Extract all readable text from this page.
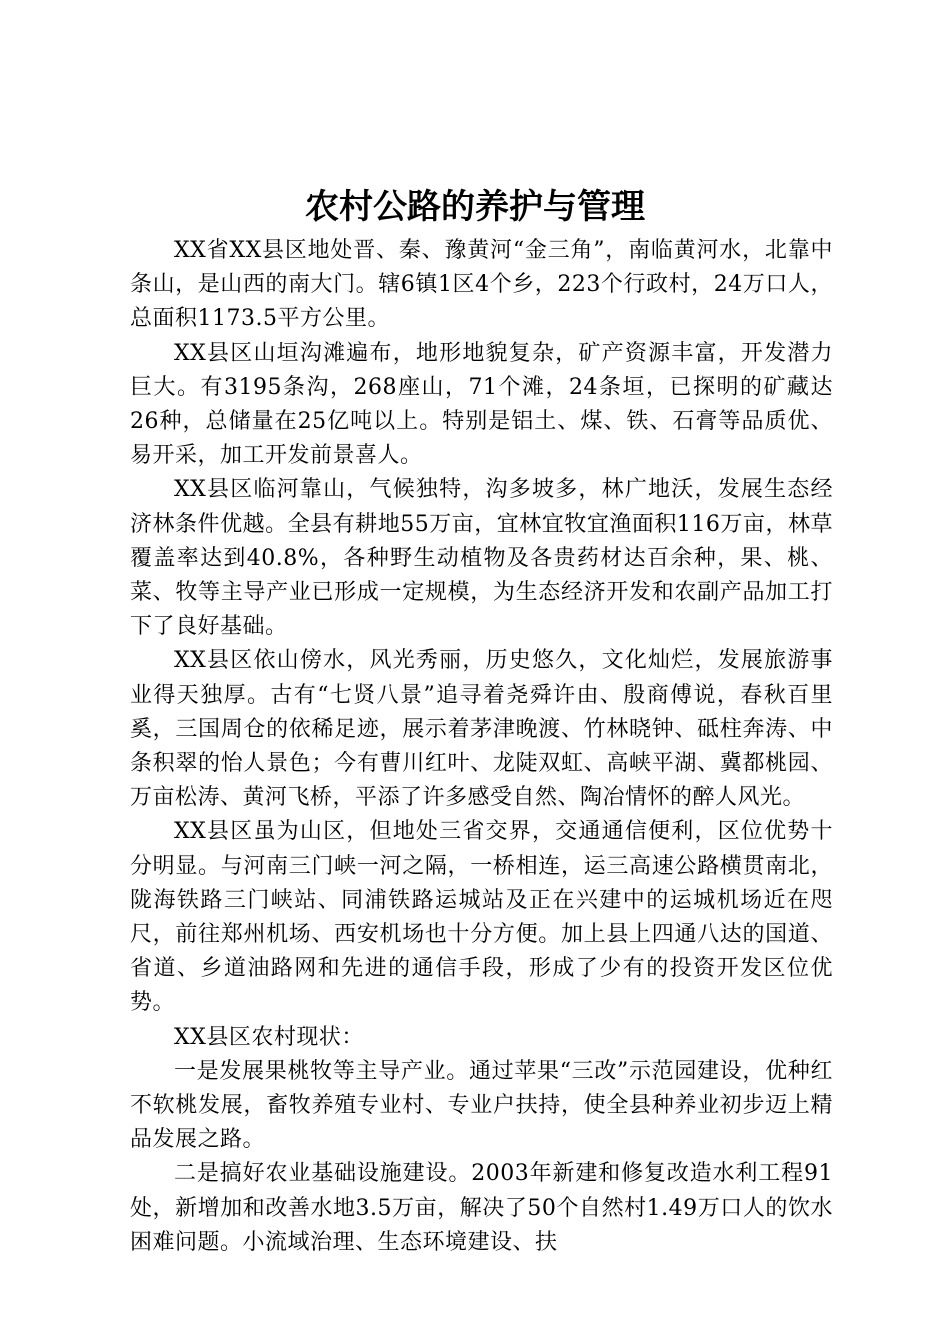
农村公路的养护与管理

XX省XX县区地处晋、秦、豫黄河“金三角”，南临黄河水，北靠中条山，是山西的南大门。辖6镇1区4个乡，223个行政村，24万口人，总面积1173.5平方公里。

XX县区山垣沟滩遍布，地形地貌复杂，矿产资源丰富，开发潜力巨大。有3195条沟，268座山，71个滩，24条垣，已探明的矿藏达26种，总储量在25亿吨以上。特别是铝土、煤、铁、石膏等品质优、易开采，加工开发前景喜人。

XX县区临河靠山，气候独特，沟多坡多，林广地沃，发展生态经济林条件优越。全县有耕地55万亩，宜林宜牧宜渔面积116万亩，林草覆盖率达到40.8%，各种野生动植物及各贵药材达百余种，果、桃、菜、牧等主导产业已形成一定规模，为生态经济开发和农副产品加工打下了良好基础。

XX县区依山傍水，风光秀丽，历史悠久，文化灿烂，发展旅游事业得天独厚。古有“七贤八景”追寻着尧舜许由、殷商傅说，春秋百里奚，三国周仓的依稀足迹，展示着茅津晚渡、竹林晓钟、砥柱奔涛、中条积翠的怡人景色；今有曹川红叶、龙陡双虹、高峡平湖、冀都桃园、万亩松涛、黄河飞桥，平添了许多感受自然、陶冶情怀的醉人风光。

XX县区虽为山区，但地处三省交界，交通通信便利，区位优势十分明显。与河南三门峡一河之隔，一桥相连，运三高速公路横贯南北，陇海铁路三门峡站、同浦铁路运城站及正在兴建中的运城机场近在咫尺，前往郑州机场、西安机场也十分方便。加上县上四通八达的国道、省道、乡道油路网和先进的通信手段，形成了少有的投资开发区位优势。

XX县区农村现状：

一是发展果桃牧等主导产业。通过苹果“三改”示范园建设，优种红不软桃发展，畜牧养殖专业村、专业户扶持，使全县种养业初步迈上精品发展之路。

二是搞好农业基础设施建设。2003年新建和修复改造水利工程91处，新增加和改善水地3.5万亩，解决了50个自然村1.49万口人的饮水困难问题。小流域治理、生态环境建设、扶
